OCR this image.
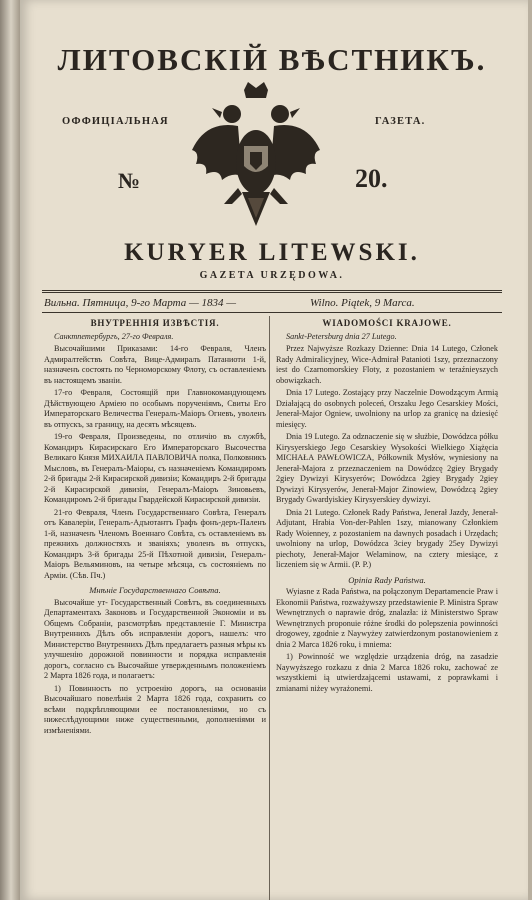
ЛИТОВСКІЙ ВѢСТНИКЪ.
ОФФИЦІАЛЬНАЯ	ГАЗЕТА.
№	20.
KURYER LITEWSKI.
GAZETA URZĘDOWA.
Вильна. Пятница, 9-го Марта — 1834 —	Wilno. Piątek, 9 Marca.
ВНУТРЕННІЯ ИЗВѢСТІЯ.

Санктпетербургъ, 27-го Февраля.

Высочайшими Приказами: 14-го Февраля, Членъ Адмиралтействъ Совѣта, Вице-Адмиралъ Патаниоти 1-й, назначенъ состоять по Черноморскому Флоту, съ оставленіемъ въ настоящемъ званіи.

17-го Февраля, Состоящій при Главнокомандующемъ Дѣйствующею Арміею по особымъ порученіямъ, Свиты Его Императорскаго Величества Генералъ-Маіоръ Огневъ, уволенъ въ отпускъ, за границу, на десять мѣсяцевъ.

19-го Февраля, Произведены, по отличію въ службѣ, Командиръ Кирасирскаго Его Императорскаго Высочества Великаго Князя МИХАИЛА ПАВЛОВИЧА полка, Полковникъ Мысловъ, въ Генералъ-Маіоры, съ назначеніемъ Командиромъ 2-й бригады 2-й Кирасирской дивизіи; Командиръ 2-й бригады 2-й Кирасирской дивизіи, Генералъ-Маіоръ Зиновьевъ, Командиромъ 2-й бригады Гвардейской Кирасирской дивизіи.

21-го Февраля, Членъ Государственнаго Совѣта, Генералъ отъ Кавалеріи, Генералъ-Адъютантъ Графъ фонъ-деръ-Паленъ 1-й, назначенъ Членомъ Военнаго Совѣта, съ оставленіемъ въ прежнихъ должностяхъ и званіяхъ; уволенъ въ отпускъ, Командиръ 3-й бригады 25-й Пѣхотной дивизіи, Генералъ-Маіоръ Вельяминовъ, на четыре мѣсяца, съ состояніемъ по Арміи. (Сѣв. Пч.)

Мнѣніе Государственнаго Совѣта.

Высочайше ут- Государственный Совѣтъ, въ соединенныхъ Департаментахъ Законовъ и Государственной Экономіи и въ Общемъ Собраніи, разсмотрѣвъ представленіе Г. Министра Внутреннихъ Дѣлъ объ исправленіи дорогъ, нашелъ: что Министерство Внутреннихъ Дѣлъ предлагаетъ разныя мѣры къ улучшенію дорожной повинности и порядка исправленія дорогъ, согласно съ Высочайше утвержденнымъ положеніемъ 2 Марта 1826 года, и полагаетъ:

1) Повинность по устроенію дорогъ, на основаніи Высочайшаго повелѣнія 2 Марта 1826 года, сохранить со всѣми подкрѣпляющими ее постановленіями, но съ нижеслѣдующими ниже существенными, дополненіями и измѣненіями.

WIADOMOŚCI KRAJOWE.

Sankt-Petersburg dnia 27 Lutego.

Przez Najwyższe Rozkazy Dzienne: Dnia 14 Lutego, Członek Rady Admiralicyjney, Wice-Admirał Patanioti 1szy, przeznaczony iest do Czarnomorskiey Floty, z pozostaniem w teraźnieyszych obowiązkach.

Dnia 17 Lutego. Zostający przy Naczelnie Dowodzącym Armią Działającą do osobnych poleceń, Orszaku Jego Cesarskiey Mości, Jenerał-Major Ogniew, uwolniony na urlop za granicę na dziesięć miesięcy.

Dnia 19 Lutego. Za odznaczenie się w służbie, Dowódzca półku Kirysyerskiego Jego Cesarskiey Wysokości Wielkiego Xiążęcia MICHAŁA PAWŁOWICZA, Półkownik Mysłów, wyniesiony na Jenerał-Majora z przeznaczeniem na Dowódzcę 2giey Brygady 2giey Dywizyi Kirysyerów; Dowódzca 2giey Brygady 2giey Dywizyi Kirysyerów, Jenerał-Major Zinowiew, Dowódzcą 2giey Brygady Gwardyiskiey Kirysyerskiey dywizyi.

Dnia 21 Lutego. Członek Rady Państwa, Jenerał Jazdy, Jenerał-Adjutant, Hrabia Von-der-Pahlen 1szy, mianowany Członkiem Rady Woienney, z pozostaniem na dawnych posadach i Urzędach; uwolniony na urlop, Dowódzca 3ciey brygady 25ey Dywizyi piechoty, Jenerał-Major Welaminow, na cztery miesiące, z liczeniem się w Armii. (P. P.)

Opinia Rady Państwa.

Wyiasne z Rada Państwa, na połączonym Departamencie Praw i Ekonomii Państwa, rozważywszy przedstawienie P. Ministra Spraw Wewnętrznych o naprawie dróg, znalazła: iż Ministerstwo Spraw Wewnętrznych proponuie różne środki do polepszenia powinności drogowey, zgodnie z Naywyżey zatwierdzonym postanowieniem z dnia 2 Marca 1826 roku, i mniema:

1) Powinność we względzie urządzenia dróg, na zasadzie Naywyższego rozkazu z dnia 2 Marca 1826 roku, zachować ze wszystkiemi ią utwierdzającemi ustawami, z poprawkami i zmianami niżey wyrażonemi.
